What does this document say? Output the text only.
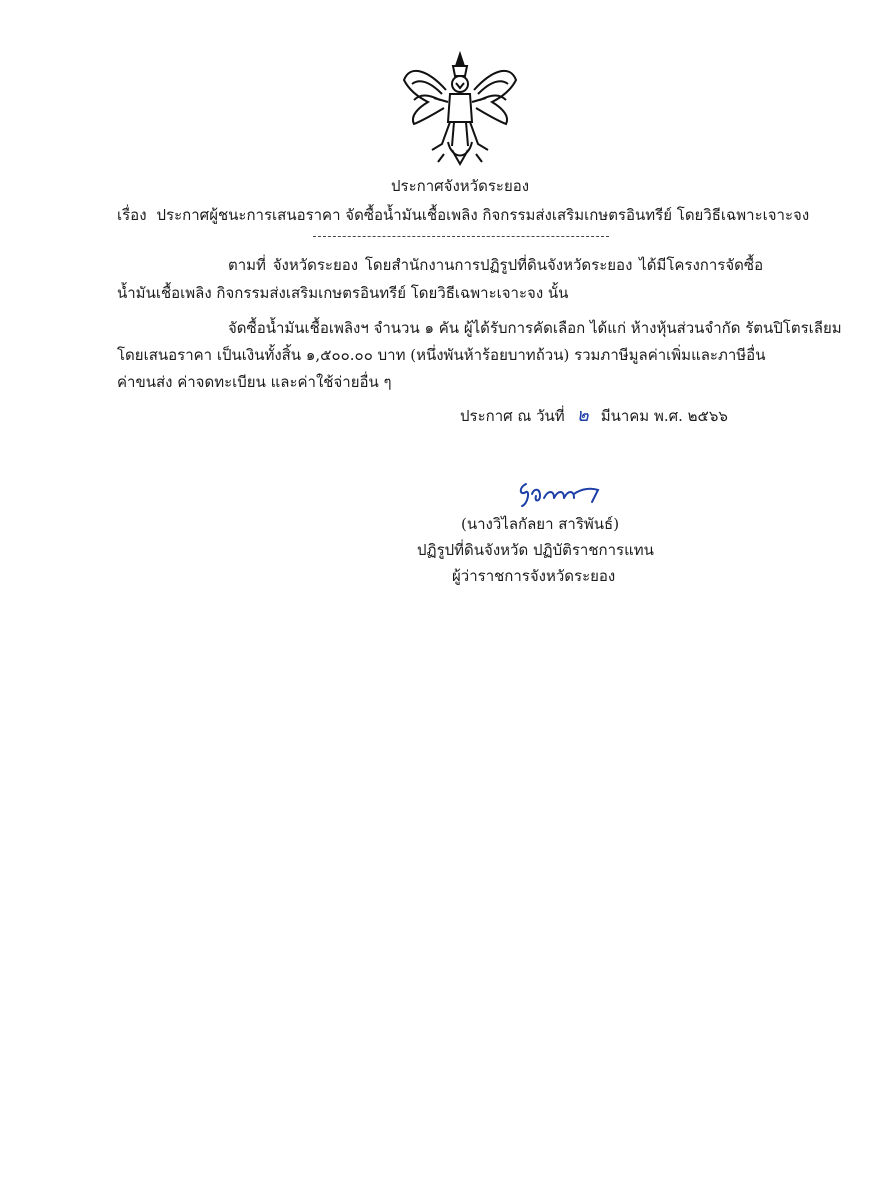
ประกาศจังหวัดระยอง
เรื่อง ประกาศผู้ชนะการเสนอราคา จัดซื้อน้ำมันเชื้อเพลิง กิจกรรมส่งเสริมเกษตรอินทรีย์ โดยวิธีเฉพาะเจาะจง
ตามที่ จังหวัดระยอง โดยสำนักงานการปฏิรูปที่ดินจังหวัดระยอง ได้มีโครงการจัดซื้อ
น้ำมันเชื้อเพลิง กิจกรรมส่งเสริมเกษตรอินทรีย์ โดยวิธีเฉพาะเจาะจง นั้น
จัดซื้อน้ำมันเชื้อเพลิงฯ จำนวน ๑ คัน ผู้ได้รับการคัดเลือก ได้แก่ ห้างหุ้นส่วนจำกัด รัตนปิโตรเลียม
โดยเสนอราคา เป็นเงินทั้งสิ้น ๑,๕๐๐.๐๐ บาท (หนึ่งพันห้าร้อยบาทถ้วน) รวมภาษีมูลค่าเพิ่มและภาษีอื่น
ค่าขนส่ง ค่าจดทะเบียน และค่าใช้จ่ายอื่น ๆ
ประกาศ ณ วันที่ ๒ มีนาคม พ.ศ. ๒๕๖๖
(นางวิไลกัลยา สาริพันธ์)
ปฏิรูปที่ดินจังหวัด ปฏิบัติราชการแทน
ผู้ว่าราชการจังหวัดระยอง
